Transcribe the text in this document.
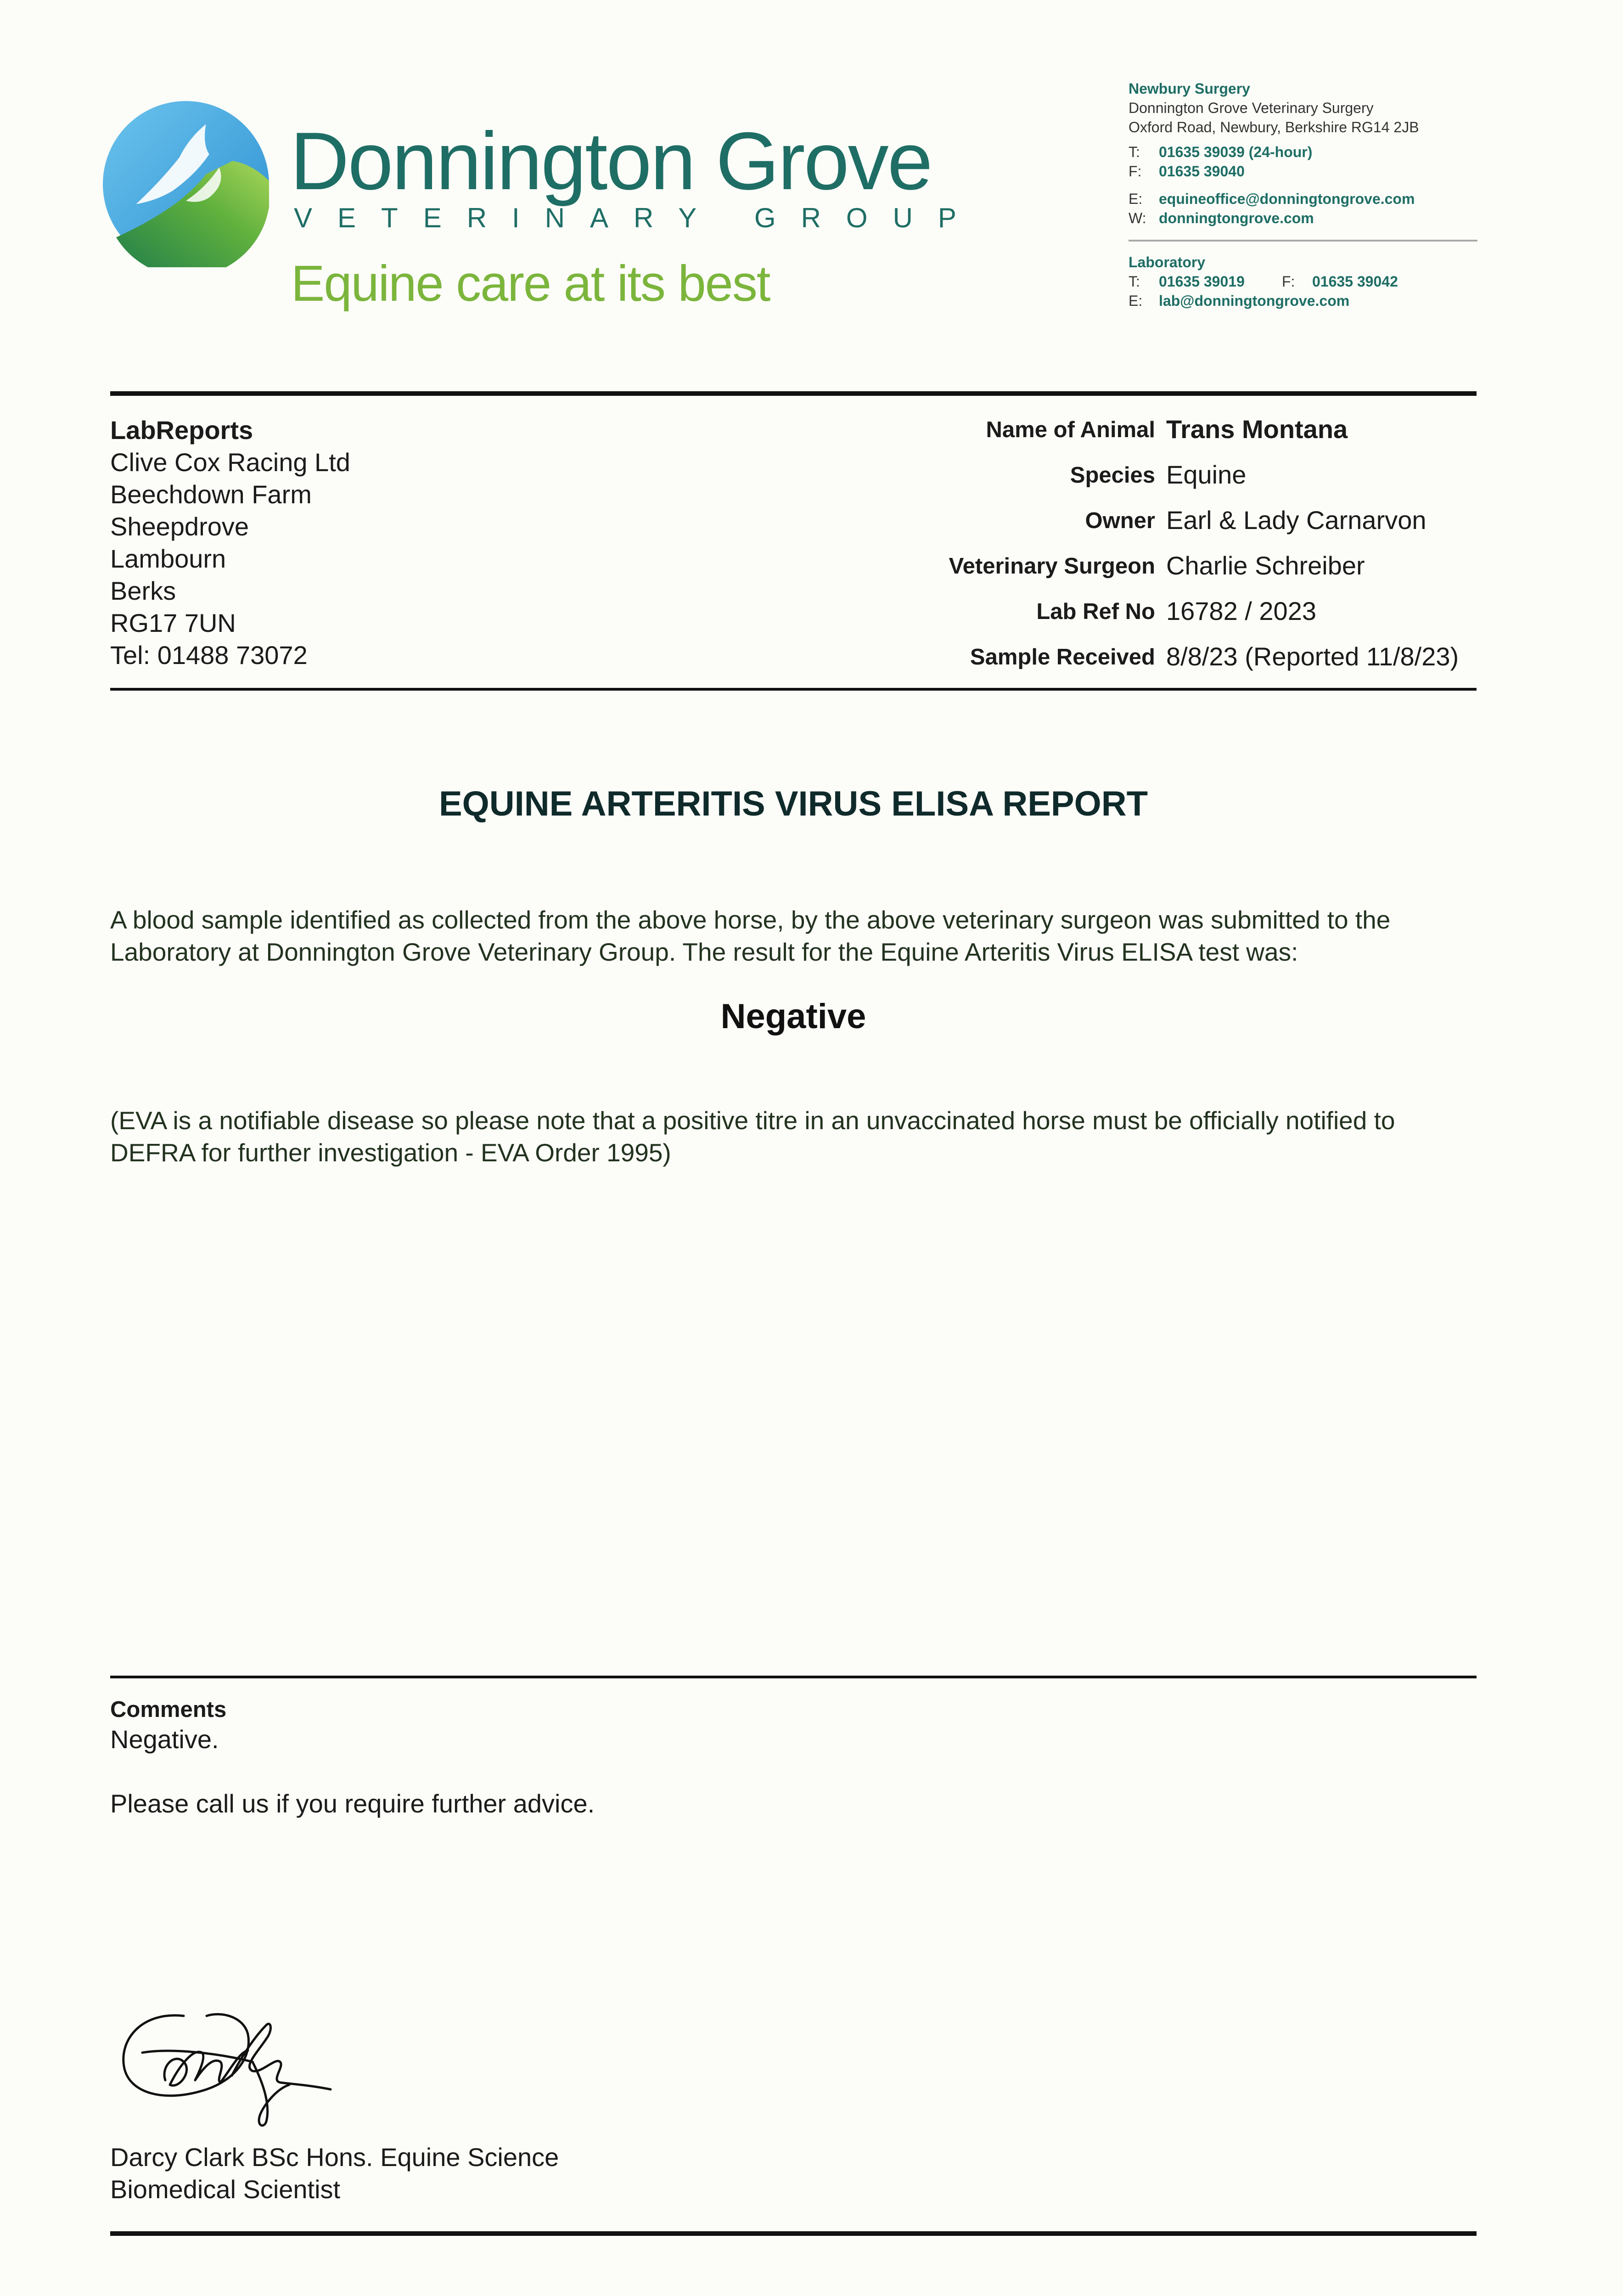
Donnington Grove
VETERINARY GROUP
Equine care at its best
Newbury Surgery
Donnington Grove Veterinary Surgery
Oxford Road, Newbury, Berkshire RG14 2JB
T: 01635 39039 (24-hour)
F: 01635 39040
E: equineoffice@donningtongrove.com
W: donningtongrove.com
Laboratory
T: 01635 39019	F: 01635 39042
E: lab@donningtongrove.com
LabReports
Clive Cox Racing Ltd
Beechdown Farm
Sheepdrove
Lambourn
Berks
RG17 7UN
Tel: 01488 73072
Name of Animal Trans Montana
Species Equine
Owner Earl & Lady Carnarvon
Veterinary Surgeon Charlie Schreiber
Lab Ref No 16782 / 2023
Sample Received 8/8/23 (Reported 11/8/23)
EQUINE ARTERITIS VIRUS ELISA REPORT
A blood sample identified as collected from the above horse, by the above veterinary surgeon was submitted to the Laboratory at Donnington Grove Veterinary Group. The result for the Equine Arteritis Virus ELISA test was:
Negative
(EVA is a notifiable disease so please note that a positive titre in an unvaccinated horse must be officially notified to DEFRA for further investigation - EVA Order 1995)
Comments
Negative.
Please call us if you require further advice.
Darcy Clark BSc Hons. Equine Science
Biomedical Scientist
